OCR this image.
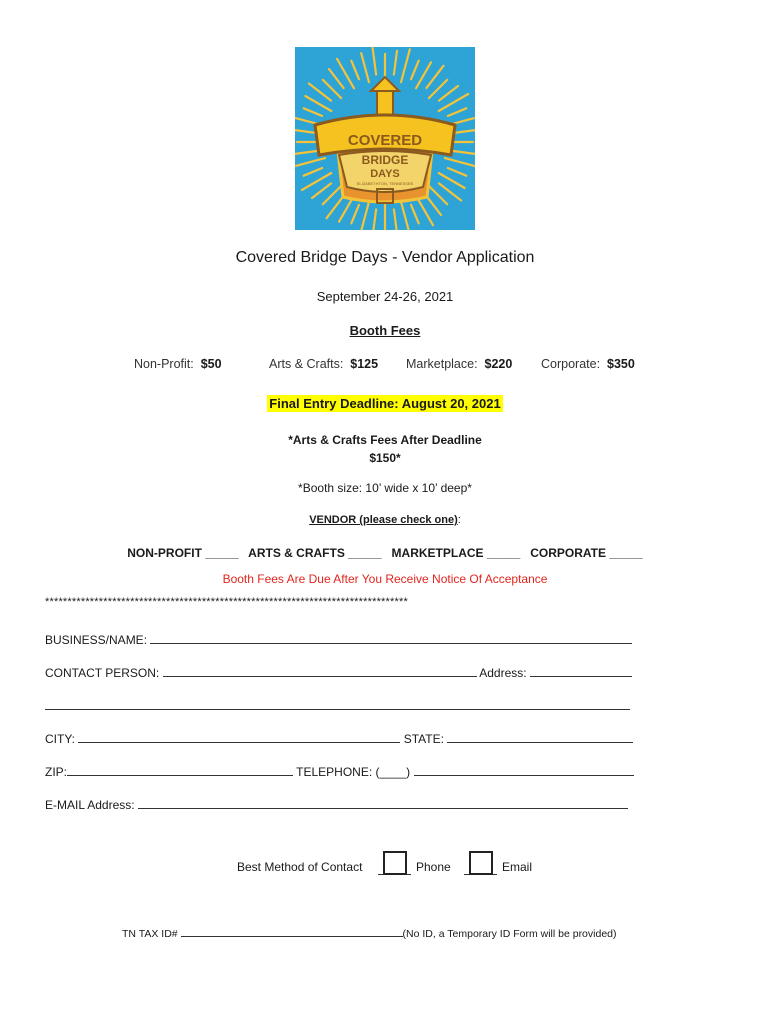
COVERED
BRIDGE
DAYS
ELIZABETHTON, TENNESSEE
Covered Bridge Days - Vendor Application
September 24-26, 2021
Booth Fees
Non-Profit: $50	Arts & Crafts: $125 Marketplace: $220 Corporate: $350
Final Entry Deadline: August 20, 2021
*Arts & Crafts Fees After Deadline
$150*
*Booth size: 10’ wide x 10’ deep*
VENDOR (please check one):
NON-PROFIT _____   ARTS & CRAFTS _____   MARKETPLACE _____   CORPORATE _____
Booth Fees Are Due After You Receive Notice Of Acceptance
*********************************************************************************
BUSINESS/NAME:
CONTACT PERSON:	Address:
CITY:	STATE:
ZIP:	TELEPHONE: (____)
E-MAIL Address:
Best Method of Contact	Phone	Email
TN TAX ID#	(No ID, a Temporary ID Form will be provided)
